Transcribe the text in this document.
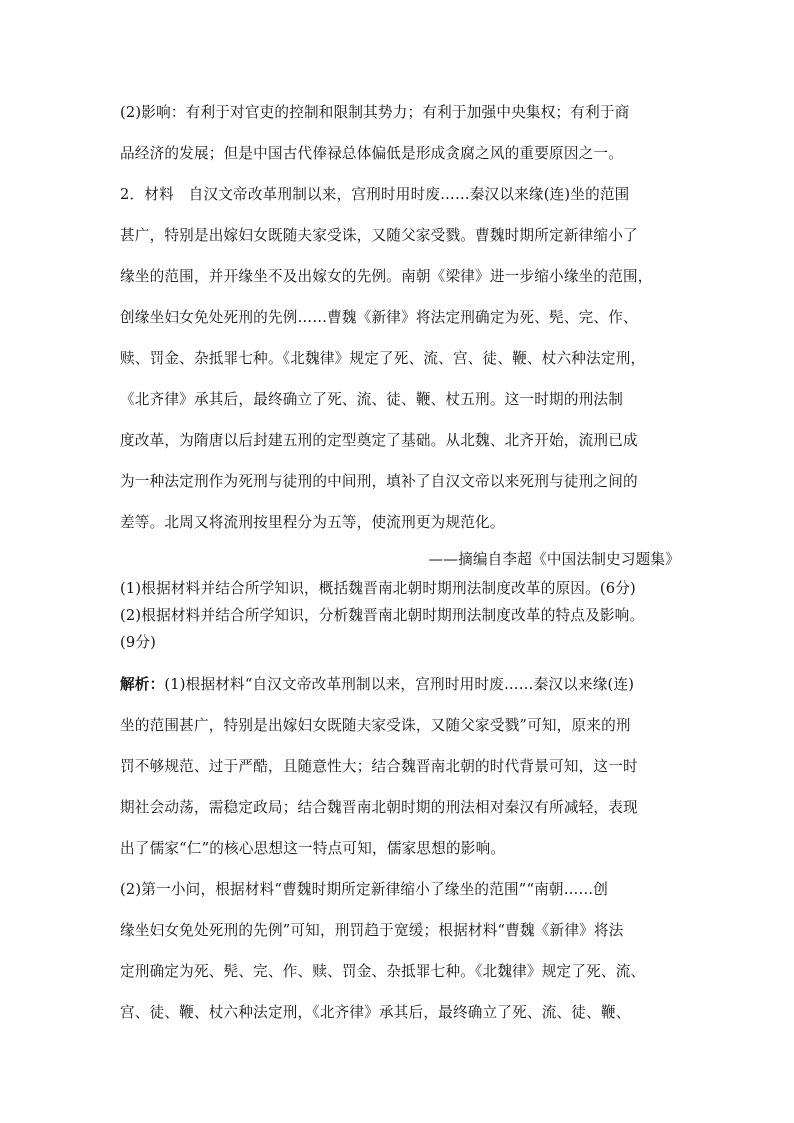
(2)影响：有利于对官吏的控制和限制其势力；有利于加强中央集权；有利于商
品经济的发展；但是中国古代俸禄总体偏低是形成贪腐之风的重要原因之一。
2．材料　自汉文帝改革刑制以来，宫刑时用时废……秦汉以来缘(连)坐的范围
甚广，特别是出嫁妇女既随夫家受诛，又随父家受戮。曹魏时期所定新律缩小了
缘坐的范围，并开缘坐不及出嫁女的先例。南朝《梁律》进一步缩小缘坐的范围，
创缘坐妇女免处死刑的先例……曹魏《新律》将法定刑确定为死、髡、完、作、
赎、罚金、杂抵罪七种。《北魏律》规定了死、流、宫、徒、鞭、杖六种法定刑，
《北齐律》承其后，最终确立了死、流、徒、鞭、杖五刑。这一时期的刑法制
度改革，为隋唐以后封建五刑的定型奠定了基础。从北魏、北齐开始，流刑已成
为一种法定刑作为死刑与徒刑的中间刑，填补了自汉文帝以来死刑与徒刑之间的
差等。北周又将流刑按里程分为五等，使流刑更为规范化。
——摘编自李超《中国法制史习题集》
(1)根据材料并结合所学知识，概括魏晋南北朝时期刑法制度改革的原因。(6分)
(2)根据材料并结合所学知识，分析魏晋南北朝时期刑法制度改革的特点及影响。
(9分)
解析：(1)根据材料“自汉文帝改革刑制以来，宫刑时用时废……秦汉以来缘(连)
坐的范围甚广，特别是出嫁妇女既随夫家受诛，又随父家受戮”可知，原来的刑
罚不够规范、过于严酷，且随意性大；结合魏晋南北朝的时代背景可知，这一时
期社会动荡，需稳定政局；结合魏晋南北朝时期的刑法相对秦汉有所减轻，表现
出了儒家“仁”的核心思想这一特点可知，儒家思想的影响。
(2)第一小问，根据材料“曹魏时期所定新律缩小了缘坐的范围”“南朝……创
缘坐妇女免处死刑的先例”可知，刑罚趋于宽缓；根据材料“曹魏《新律》将法
定刑确定为死、髡、完、作、赎、罚金、杂抵罪七种。《北魏律》规定了死、流、
宫、徒、鞭、杖六种法定刑，《北齐律》承其后，最终确立了死、流、徒、鞭、
